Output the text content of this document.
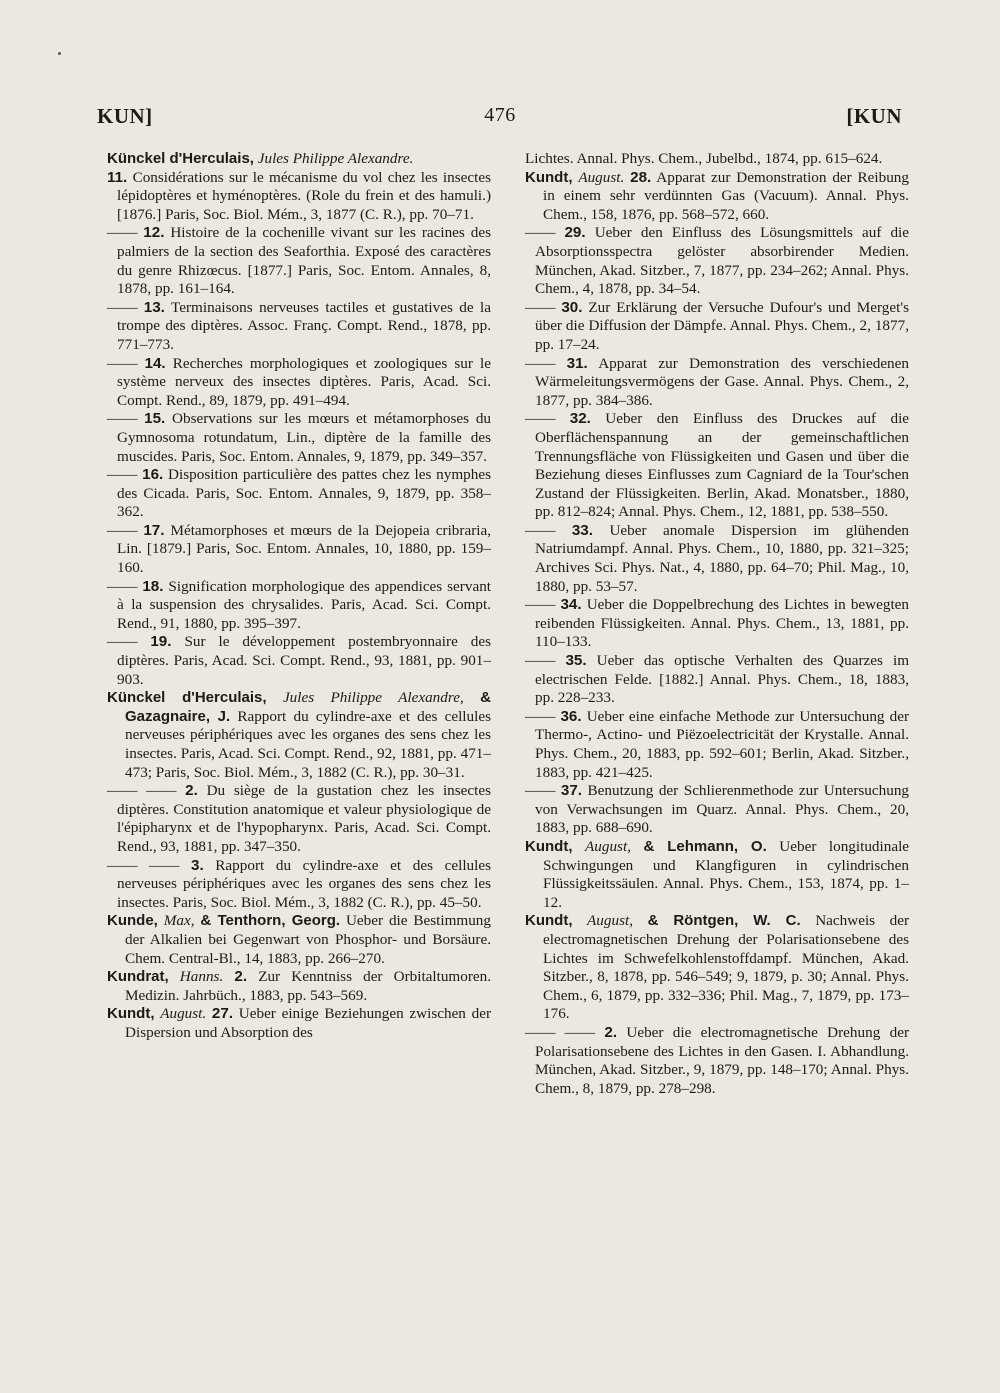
KUN]	476	[KUN
Künckel d'Herculais, Jules Philippe Alexandre.
11. Considérations sur le mécanisme du vol chez les insectes lépidoptères et hyménoptères. (Role du frein et des hamuli.) [1876.] Paris, Soc. Biol. Mém., 3, 1877 (C. R.), pp. 70–71.
—— 12. Histoire de la cochenille vivant sur les racines des palmiers de la section des Seaforthia. Exposé des caractères du genre Rhizœcus. [1877.] Paris, Soc. Entom. Annales, 8, 1878, pp. 161–164.
—— 13. Terminaisons nerveuses tactiles et gustatives de la trompe des diptères. Assoc. Franç. Compt. Rend., 1878, pp. 771–773.
—— 14. Recherches morphologiques et zoologiques sur le système nerveux des insectes diptères. Paris, Acad. Sci. Compt. Rend., 89, 1879, pp. 491–494.
—— 15. Observations sur les mœurs et métamorphoses du Gymnosoma rotundatum, Lin., diptère de la famille des muscides. Paris, Soc. Entom. Annales, 9, 1879, pp. 349–357.
—— 16. Disposition particulière des pattes chez les nymphes des Cicada. Paris, Soc. Entom. Annales, 9, 1879, pp. 358–362.
—— 17. Métamorphoses et mœurs de la Dejopeia cribraria, Lin. [1879.] Paris, Soc. Entom. Annales, 10, 1880, pp. 159–160.
—— 18. Signification morphologique des appendices servant à la suspension des chrysalides. Paris, Acad. Sci. Compt. Rend., 91, 1880, pp. 395–397.
—— 19. Sur le développement postembryonnaire des diptères. Paris, Acad. Sci. Compt. Rend., 93, 1881, pp. 901–903.
Künckel d'Herculais, Jules Philippe Alexandre, & Gazagnaire, J. Rapport du cylindre-axe et des cellules nerveuses périphériques avec les organes des sens chez les insectes. Paris, Acad. Sci. Compt. Rend., 92, 1881, pp. 471–473; Paris, Soc. Biol. Mém., 3, 1882 (C. R.), pp. 30–31.
—— —— 2. Du siège de la gustation chez les insectes diptères. Constitution anatomique et valeur physiologique de l'épipharynx et de l'hypopharynx. Paris, Acad. Sci. Compt. Rend., 93, 1881, pp. 347–350.
—— —— 3. Rapport du cylindre-axe et des cellules nerveuses périphériques avec les organes des sens chez les insectes. Paris, Soc. Biol. Mém., 3, 1882 (C. R.), pp. 45–50.
Kunde, Max, & Tenthorn, Georg. Ueber die Bestimmung der Alkalien bei Gegenwart von Phosphor- und Borsäure. Chem. Central-Bl., 14, 1883, pp. 266–270.
Kundrat, Hanns. 2. Zur Kenntniss der Orbitaltumoren. Medizin. Jahrbüch., 1883, pp. 543–569.
Kundt, August. 27. Ueber einige Beziehungen zwischen der Dispersion und Absorption des
Lichtes. Annal. Phys. Chem., Jubelbd., 1874, pp. 615–624.
Kundt, August. 28. Apparat zur Demonstration der Reibung in einem sehr verdünnten Gas (Vacuum). Annal. Phys. Chem., 158, 1876, pp. 568–572, 660.
—— 29. Ueber den Einfluss des Lösungsmittels auf die Absorptionsspectra gelöster absorbirender Medien. München, Akad. Sitzber., 7, 1877, pp. 234–262; Annal. Phys. Chem., 4, 1878, pp. 34–54.
—— 30. Zur Erklärung der Versuche Dufour's und Merget's über die Diffusion der Dämpfe. Annal. Phys. Chem., 2, 1877, pp. 17–24.
—— 31. Apparat zur Demonstration des verschiedenen Wärmeleitungsvermögens der Gase. Annal. Phys. Chem., 2, 1877, pp. 384–386.
—— 32. Ueber den Einfluss des Druckes auf die Oberflächenspannung an der gemeinschaftlichen Trennungsfläche von Flüssigkeiten und Gasen und über die Beziehung dieses Einflusses zum Cagniard de la Tour'schen Zustand der Flüssigkeiten. Berlin, Akad. Monatsber., 1880, pp. 812–824; Annal. Phys. Chem., 12, 1881, pp. 538–550.
—— 33. Ueber anomale Dispersion im glühenden Natriumdampf. Annal. Phys. Chem., 10, 1880, pp. 321–325; Archives Sci. Phys. Nat., 4, 1880, pp. 64–70; Phil. Mag., 10, 1880, pp. 53–57.
—— 34. Ueber die Doppelbrechung des Lichtes in bewegten reibenden Flüssigkeiten. Annal. Phys. Chem., 13, 1881, pp. 110–133.
—— 35. Ueber das optische Verhalten des Quarzes im electrischen Felde. [1882.] Annal. Phys. Chem., 18, 1883, pp. 228–233.
—— 36. Ueber eine einfache Methode zur Untersuchung der Thermo-, Actino- und Piëzoelectricität der Krystalle. Annal. Phys. Chem., 20, 1883, pp. 592–601; Berlin, Akad. Sitzber., 1883, pp. 421–425.
—— 37. Benutzung der Schlierenmethode zur Untersuchung von Verwachsungen im Quarz. Annal. Phys. Chem., 20, 1883, pp. 688–690.
Kundt, August, & Lehmann, O. Ueber longitudinale Schwingungen und Klangfiguren in cylindrischen Flüssigkeitssäulen. Annal. Phys. Chem., 153, 1874, pp. 1–12.
Kundt, August, & Röntgen, W. C. Nachweis der electromagnetischen Drehung der Polarisationsebene des Lichtes im Schwefelkohlenstoffdampf. München, Akad. Sitzber., 8, 1878, pp. 546–549; 9, 1879, p. 30; Annal. Phys. Chem., 6, 1879, pp. 332–336; Phil. Mag., 7, 1879, pp. 173–176.
—— —— 2. Ueber die electromagnetische Drehung der Polarisationsebene des Lichtes in den Gasen. I. Abhandlung. München, Akad. Sitzber., 9, 1879, pp. 148–170; Annal. Phys. Chem., 8, 1879, pp. 278–298.
